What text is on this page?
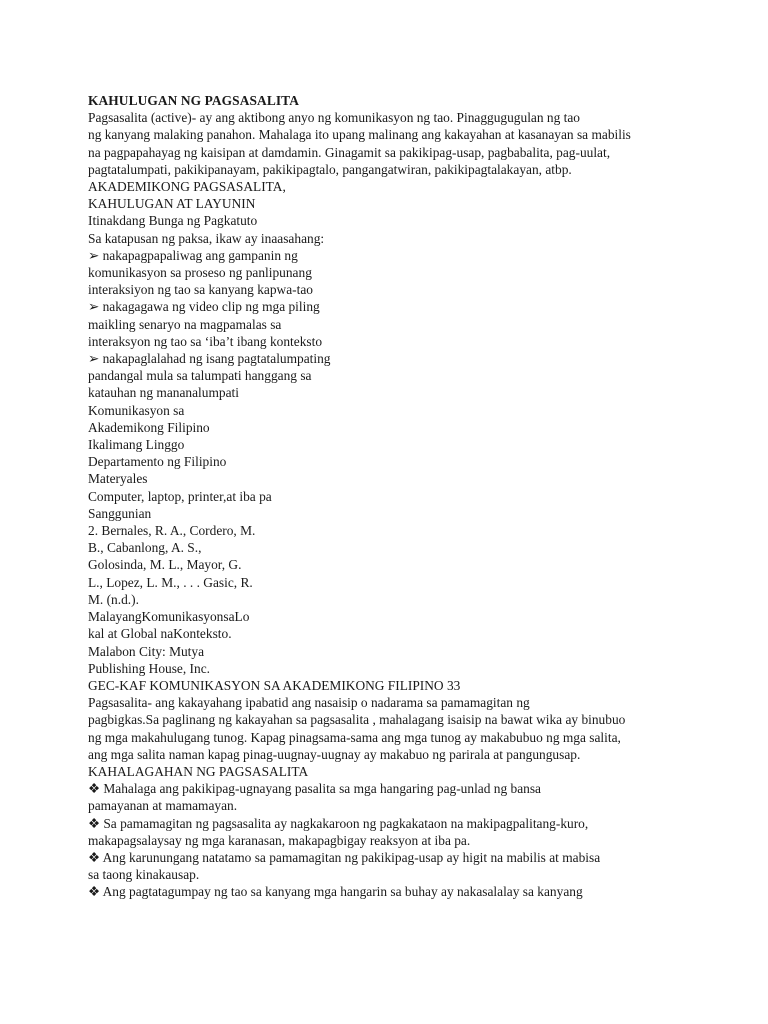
KAHULUGAN NG PAGSASALITA
Pagsasalita (active)- ay ang aktibong anyo ng komunikasyon ng tao. Pinaggugugulan ng tao
ng kanyang malaking panahon. Mahalaga ito upang malinang ang kakayahan at kasanayan sa mabilis
na pagpapahayag ng kaisipan at damdamin. Ginagamit sa pakikipag-usap, pagbabalita, pag-uulat,
pagtatalumpati, pakikipanayam, pakikipagtalo, pangangatwiran, pakikipagtalakayan, atbp.
AKADEMIKONG PAGSASALITA,
KAHULUGAN AT LAYUNIN
Itinakdang Bunga ng Pagkatuto
Sa katapusan ng paksa, ikaw ay inaasahang:
➢ nakapagpapaliwag ang gampanin ng
komunikasyon sa proseso ng panlipunang
interaksiyon ng tao sa kanyang kapwa-tao
➢ nakagagawa ng video clip ng mga piling
maikling senaryo na magpamalas sa
interaksyon ng tao sa ‘iba’t ibang konteksto
➢ nakapaglalahad ng isang pagtatalumpating
pandangal mula sa talumpati hanggang sa
katauhan ng mananalumpati
Komunikasyon sa
Akademikong Filipino
Ikalimang Linggo
Departamento ng Filipino
Materyales
Computer, laptop, printer,at iba pa
Sanggunian
2. Bernales, R. A., Cordero, M.
B., Cabanlong, A. S.,
Golosinda, M. L., Mayor, G.
L., Lopez, L. M., . . . Gasic, R.
M. (n.d.).
MalayangKomunikasyonsaLo
kal at Global naKonteksto.
Malabon City: Mutya
Publishing House, Inc.
GEC-KAF KOMUNIKASYON SA AKADEMIKONG FILIPINO 33
Pagsasalita- ang kakayahang ipabatid ang nasaisip o nadarama sa pamamagitan ng
pagbigkas.Sa paglinang ng kakayahan sa pagsasalita , mahalagang isaisip na bawat wika ay binubuo
ng mga makahulugang tunog. Kapag pinagsama-sama ang mga tunog ay makabubuo ng mga salita,
ang mga salita naman kapag pinag-uugnay-uugnay ay makabuo ng parirala at pangungusap.
KAHALAGAHAN NG PAGSASALITA
❖ Mahalaga ang pakikipag-ugnayang pasalita sa mga hangaring pag-unlad ng bansa
pamayanan at mamamayan.
❖ Sa pamamagitan ng pagsasalita ay nagkakaroon ng pagkakataon na makipagpalitang-kuro,
makapagsalaysay ng mga karanasan, makapagbigay reaksyon at iba pa.
❖ Ang karunungang natatamo sa pamamagitan ng pakikipag-usap ay higit na mabilis at mabisa
sa taong kinakausap.
❖ Ang pagtatagumpay ng tao sa kanyang mga hangarin sa buhay ay nakasalalay sa kanyang
